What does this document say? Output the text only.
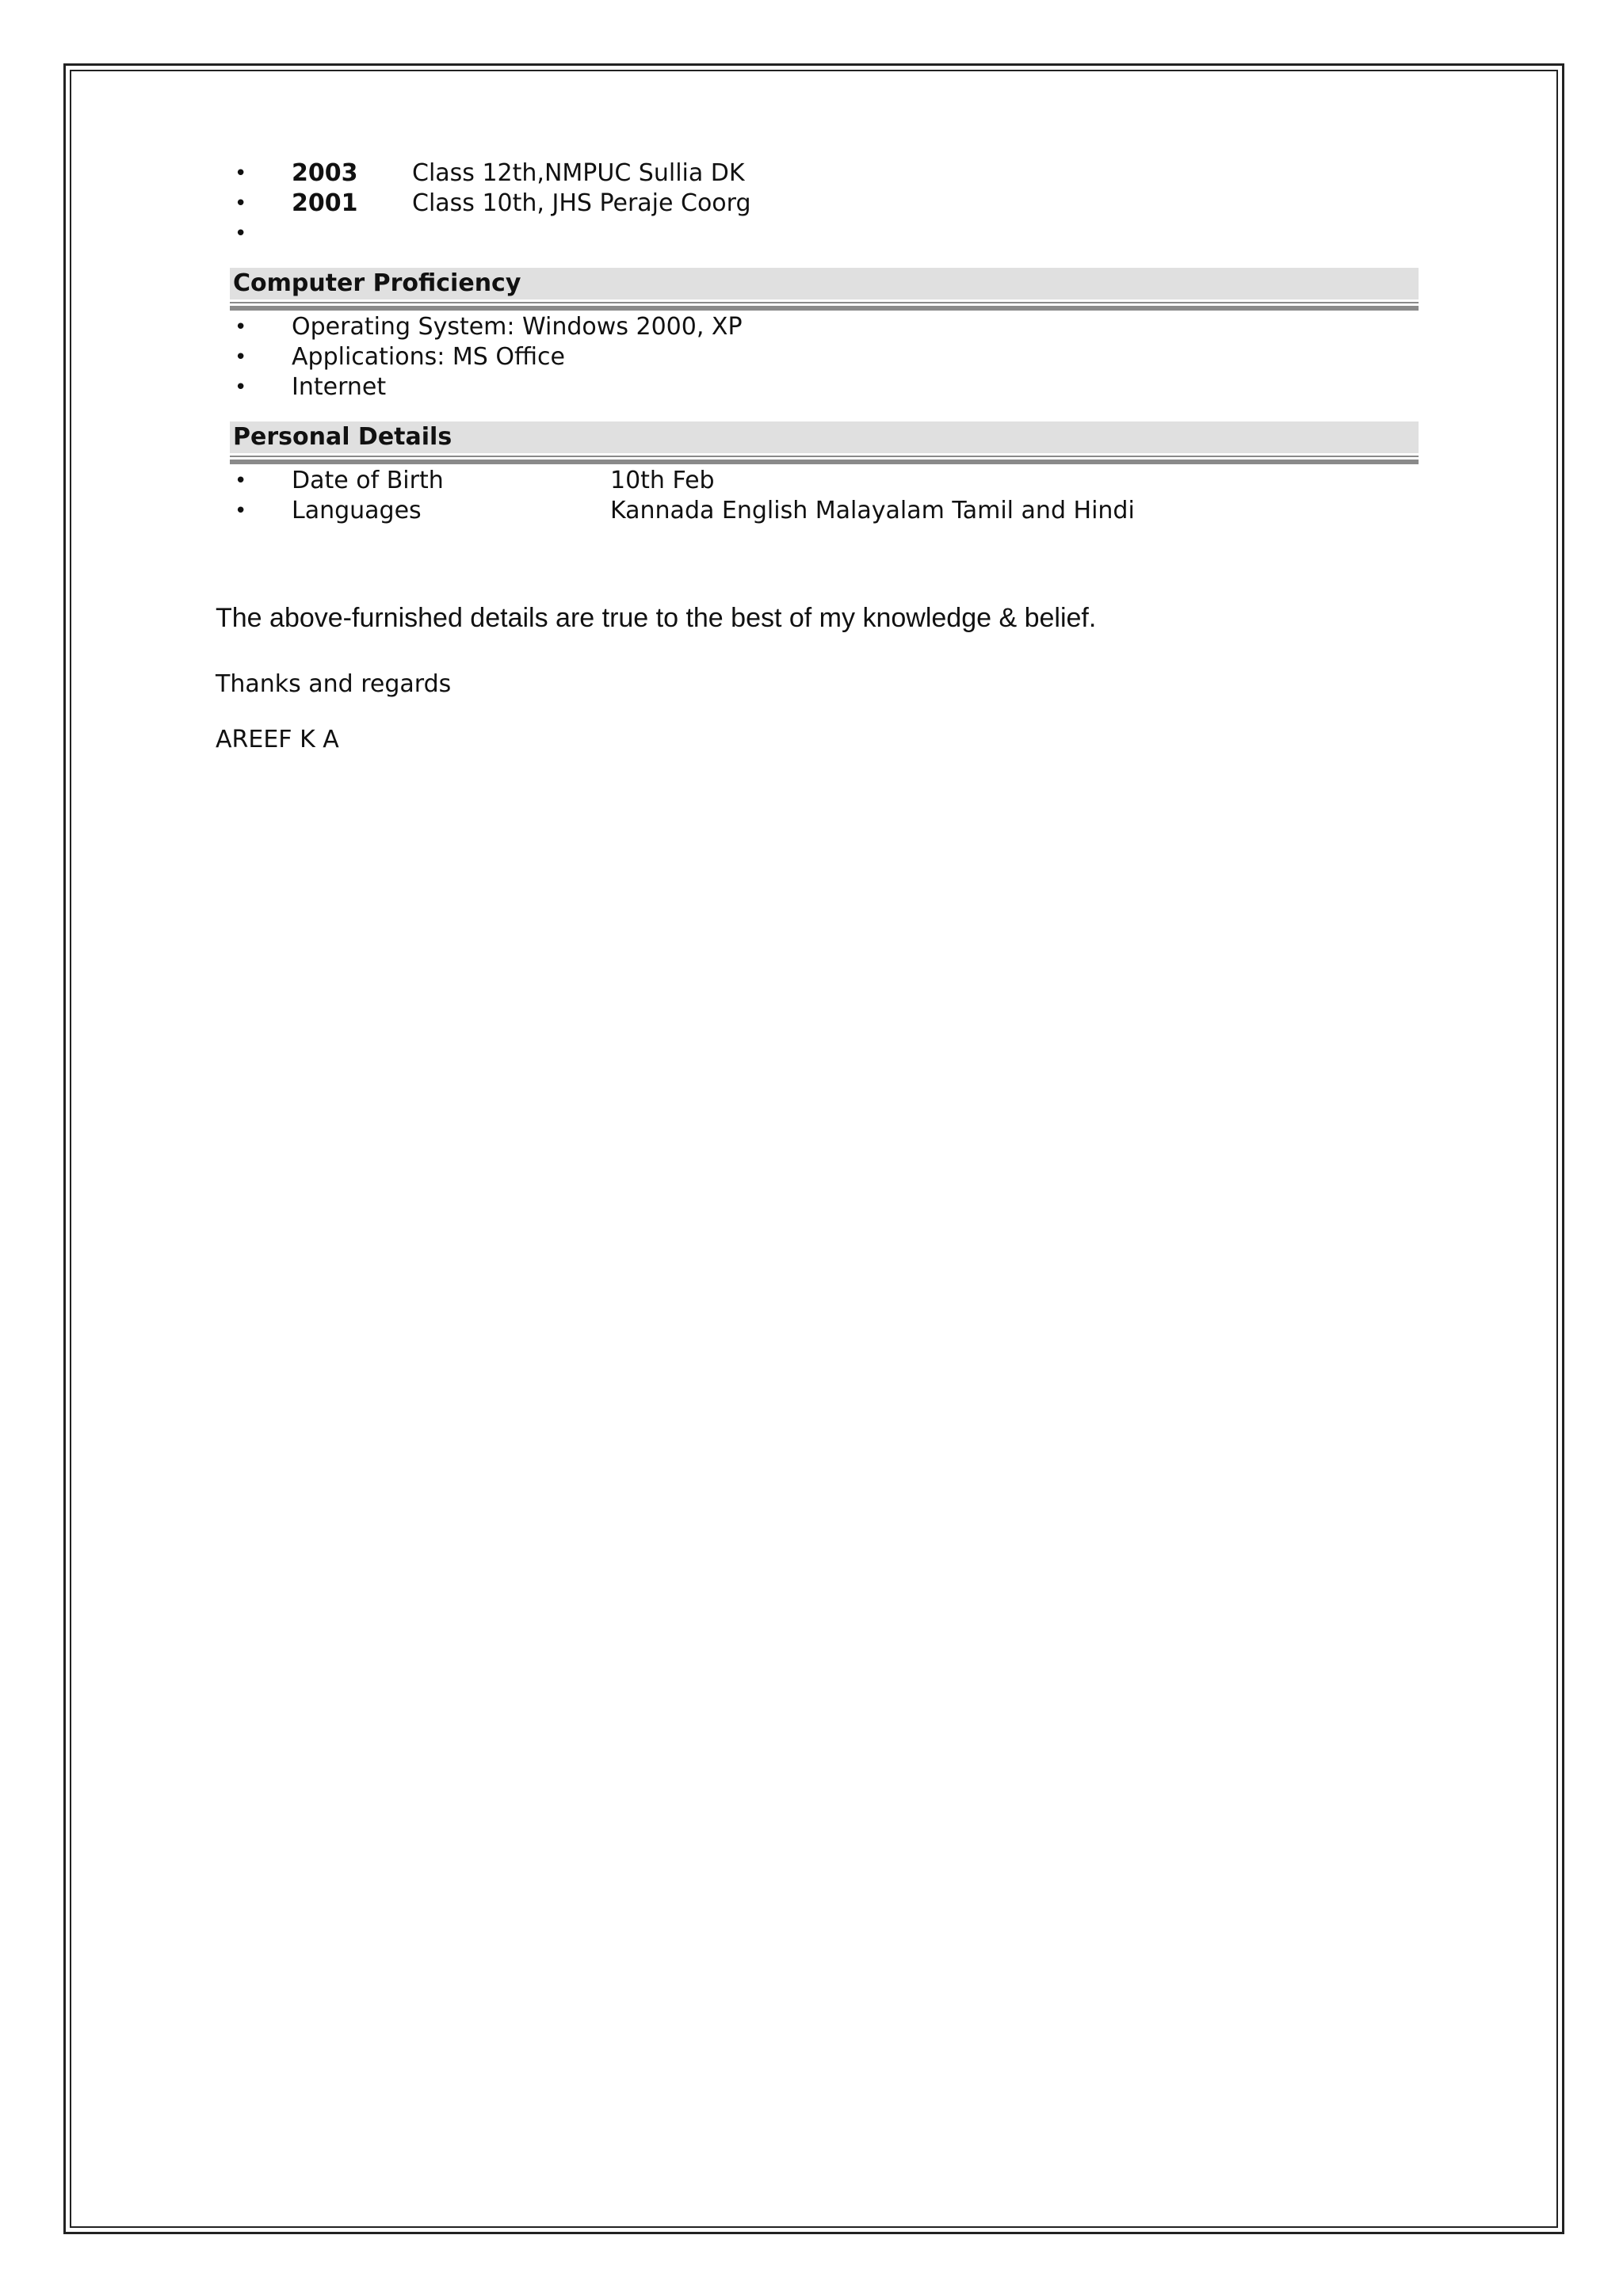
•	2003 Class 12th,NMPUC Sullia DK
•	2001 Class 10th, JHS Peraje Coorg
•
Computer Proficiency
•	Operating System: Windows 2000, XP
•	Applications: MS Office
•	Internet
Personal Details
•	Date of Birth	10th Feb
•	Languages	Kannada English Malayalam Tamil and Hindi
The above-furnished details are true to the best of my knowledge & belief.
Thanks and regards
AREEF K A
